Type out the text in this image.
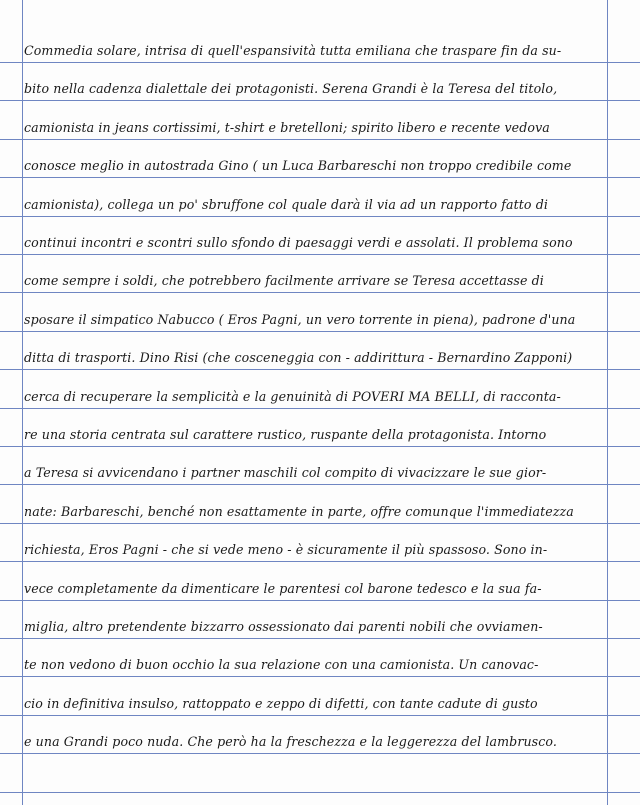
Commedia solare, intrisa di quell'espansività tutta emiliana che traspare fin da su-
bito nella cadenza dialettale dei protagonisti. Serena Grandi è la Teresa del titolo,
camionista in jeans cortissimi, t-shirt e bretelloni; spirito libero e recente vedova
conosce meglio in autostrada Gino ( un Luca Barbareschi non troppo credibile come
camionista), collega un po' sbruffone col quale darà il via ad un rapporto fatto di
continui incontri e scontri sullo sfondo di paesaggi verdi e assolati. Il problema sono
come sempre i soldi, che potrebbero facilmente arrivare se Teresa accettasse di
sposare il simpatico Nabucco ( Eros Pagni, un vero torrente in piena), padrone d'una
ditta di trasporti. Dino Risi (che cosceneggia con - addirittura - Bernardino Zapponi)
cerca di recuperare la semplicità e la genuinità di POVERI MA BELLI, di racconta-
re una storia centrata sul carattere rustico, ruspante della protagonista. Intorno
a Teresa si avvicendano i partner maschili col compito di vivacizzare le sue gior-
nate: Barbareschi, benché non esattamente in parte, offre comunque l'immediatezza
richiesta, Eros Pagni - che si vede meno - è sicuramente il più spassoso. Sono in-
vece completamente da dimenticare le parentesi col barone tedesco e la sua fa-
miglia, altro pretendente bizzarro ossessionato dai parenti nobili che ovviamen-
te non vedono di buon occhio la sua relazione con una camionista. Un canovac-
cio in definitiva insulso, rattoppato e zeppo di difetti, con tante cadute di gusto
e una Grandi poco nuda. Che però ha la freschezza e la leggerezza del lambrusco.
